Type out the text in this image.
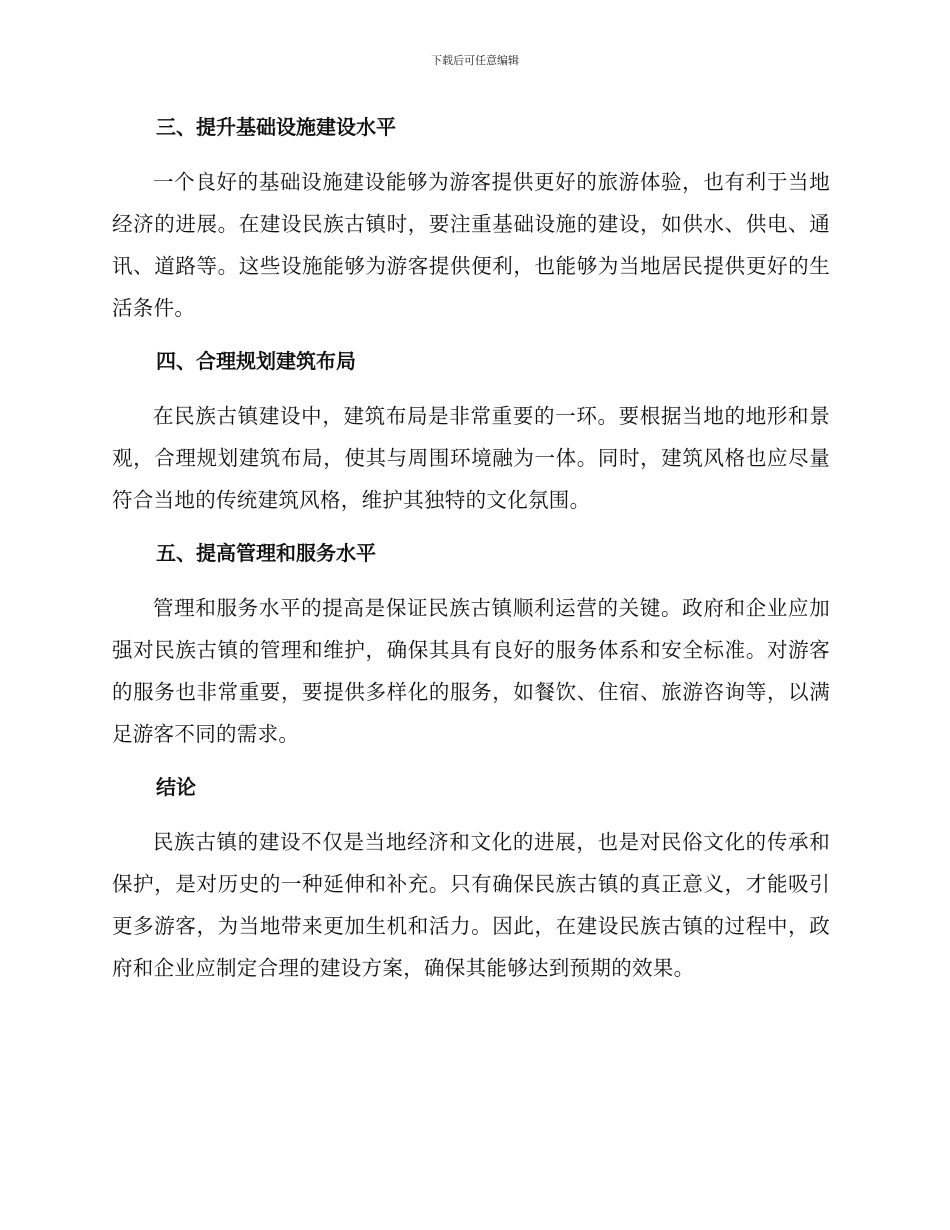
下载后可任意编辑
三、提升基础设施建设水平

一个良好的基础设施建设能够为游客提供更好的旅游体验，也有利于当地经济的进展。在建设民族古镇时，要注重基础设施的建设，如供水、供电、通讯、道路等。这些设施能够为游客提供便利，也能够为当地居民提供更好的生活条件。

四、合理规划建筑布局

在民族古镇建设中，建筑布局是非常重要的一环。要根据当地的地形和景观，合理规划建筑布局，使其与周围环境融为一体。同时，建筑风格也应尽量符合当地的传统建筑风格，维护其独特的文化氛围。

五、提高管理和服务水平

管理和服务水平的提高是保证民族古镇顺利运营的关键。政府和企业应加强对民族古镇的管理和维护，确保其具有良好的服务体系和安全标准。对游客的服务也非常重要，要提供多样化的服务，如餐饮、住宿、旅游咨询等，以满足游客不同的需求。

结论

民族古镇的建设不仅是当地经济和文化的进展，也是对民俗文化的传承和保护，是对历史的一种延伸和补充。只有确保民族古镇的真正意义，才能吸引更多游客，为当地带来更加生机和活力。因此，在建设民族古镇的过程中，政府和企业应制定合理的建设方案，确保其能够达到预期的效果。
